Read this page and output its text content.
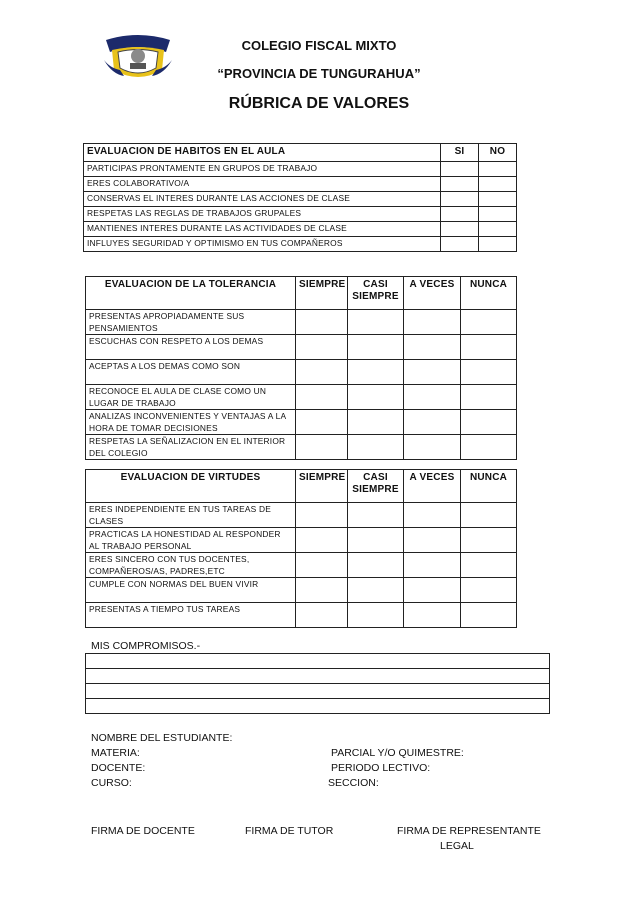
COLEGIO FISCAL MIXTO
“PROVINCIA DE TUNGURAHUA”
RÚBRICA DE VALORES
EVALUACION DE HABITOS EN EL AULA	SI	NO
PARTICIPAS PRONTAMENTE EN GRUPOS DE TRABAJO		
ERES COLABORATIVO/A		
CONSERVAS EL INTERES DURANTE LAS ACCIONES DE CLASE		
RESPETAS LAS REGLAS DE TRABAJOS GRUPALES		
MANTIENES INTERES DURANTE LAS ACTIVIDADES DE CLASE		
INFLUYES SEGURIDAD Y OPTIMISMO EN TUS COMPAÑEROS		
EVALUACION DE LA TOLERANCIA	SIEMPRE	CASI SIEMPRE	A VECES	NUNCA
PRESENTAS APROPIADAMENTE SUS PENSAMIENTOS				
ESCUCHAS CON RESPETO A LOS DEMAS				
ACEPTAS A LOS DEMAS COMO SON				
RECONOCE EL AULA DE CLASE COMO UN LUGAR DE TRABAJO				
ANALIZAS INCONVENIENTES Y VENTAJAS A LA HORA DE TOMAR DECISIONES				
RESPETAS LA SEÑALIZACION EN EL INTERIOR DEL COLEGIO				
EVALUACION DE VIRTUDES	SIEMPRE	CASI SIEMPRE	A VECES	NUNCA
ERES INDEPENDIENTE EN TUS TAREAS DE CLASES				
PRACTICAS LA HONESTIDAD AL RESPONDER AL TRABAJO PERSONAL				
ERES SINCERO CON TUS DOCENTES, COMPAÑEROS/AS, PADRES,ETC				
CUMPLE CON NORMAS DEL BUEN VIVIR				
PRESENTAS A TIEMPO TUS TAREAS				
MIS COMPROMISOS.-

NOMBRE DEL ESTUDIANTE:
MATERIA:	PARCIAL Y/O QUIMESTRE:
DOCENTE:	PERIODO LECTIVO:
CURSO:	SECCION:
FIRMA DE DOCENTE	FIRMA DE TUTOR	FIRMA DE REPRESENTANTE
LEGAL
